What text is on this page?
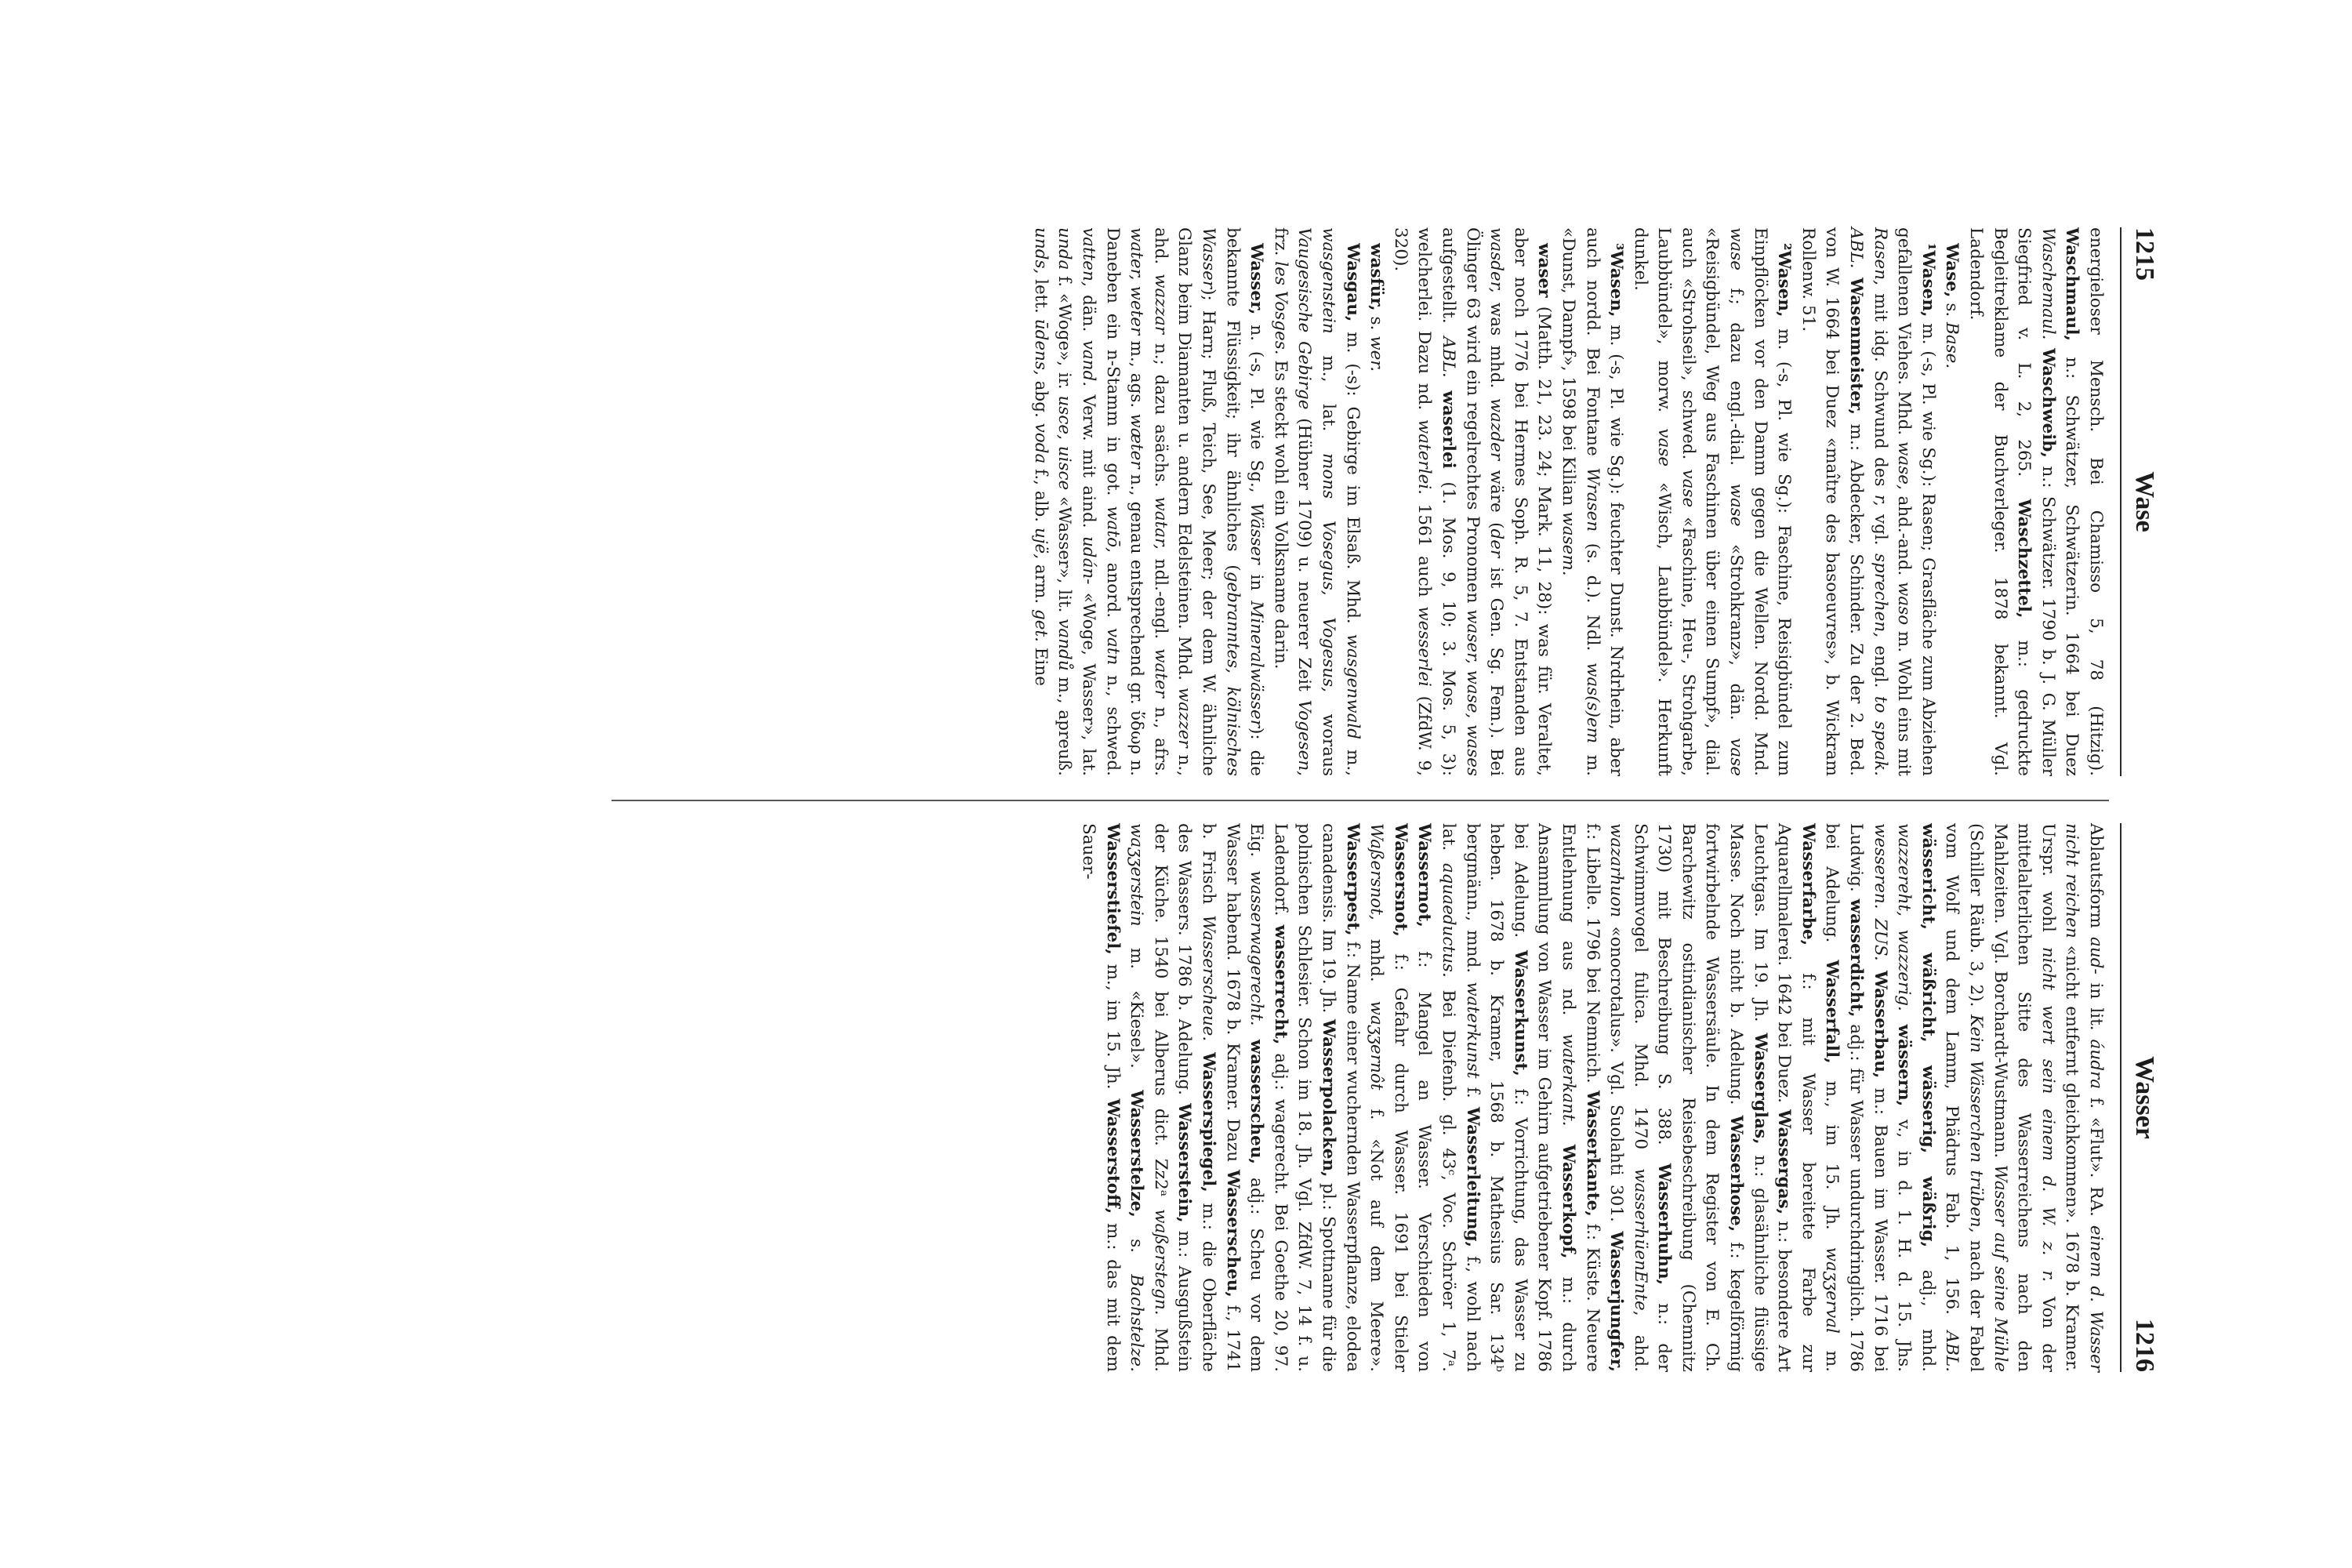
1215
Wase

energieloser Mensch. Bei Chamisso 5, 78 (Hitzig). Waschmaul, n.: Schwätzer, Schwätzerin. 1664 bei Duez Waschemaul. Waschweib, n.: Schwätzer. 1790 b. J. G. Müller Siegfried v. L. 2, 265. Waschzettel, m.: gedruckte Begleitreklame der Buchverleger. 1878 bekannt. Vgl. Ladendorf.

Wase, s. Base.

¹Wasen, m. (-s, Pl. wie Sg.): Rasen; Grasfläche zum Abziehen gefallenen Viehes. Mhd. wase, ahd.-and. waso m. Wohl eins mit Rasen, mit idg. Schwund des r, vgl. sprechen, engl. to speak. ABL. Wasenmeister, m.: Abdecker, Schinder. Zu der 2. Bed. von W. 1664 bei Duez «maître des basoeuvres», b. Wickram Rollenw. 51.

²Wasen, m. (-s, Pl. wie Sg.): Faschine, Reisigbündel zum Einpflöcken vor den Damm gegen die Wellen. Nordd. Mnd. wase f.; dazu engl.-dial. wase «Strohkranz», dän. vase «Reisigbündel, Weg aus Faschinen über einen Sumpf», dial. auch «Strohseil», schwed. vase «Faschine, Heu-, Strohgarbe, Laubbündel», morw. vase «Wisch, Laubbündel». Herkunft dunkel.

³Wasen, m. (-s, Pl. wie Sg.): feuchter Dunst. Nrdrhein, aber auch nordd. Bei Fontane Wrasen (s. d.). Ndl. was(s)em m. «Dunst, Dampf», 1598 bei Kilian wasem.

waser (Matth. 21, 23. 24; Mark. 11, 28): was für. Veraltet, aber noch 1776 bei Hermes Soph. R. 5, 7. Entstanden aus wasder, was mhd. wazder wäre (der ist Gen. Sg. Fem.). Bei Ölinger 63 wird ein regelrechtes Pronomen waser, wase, wases aufgestellt. ABL. waserlei (1. Mos. 9, 10; 3. Mos. 5, 3): welcherlei. Dazu nd. waterlei. 1561 auch wesserlei (ZfdW. 9, 320).

wasfür, s. wer.

Wasgau, m. (-s): Gebirge im Elsaß. Mhd. wasgenwald m., wasgenstein m., lat. mons Vosegus, Vogesus, woraus Vaugesische Gebirge (Hübner 1709) u. neuerer Zeit Vogesen, frz. les Vosges. Es steckt wohl ein Volksname darin.

Wasser, n. (-s, Pl. wie Sg., Wässer in Mineralwässer): die bekannte Flüssigkeit; ihr ähnliches (gebranntes, kölnisches Wasser); Harn; Fluß, Teich, See, Meer; der dem W. ähnliche Glanz beim Diamanten u. andern Edelsteinen. Mhd. wazzer n., ahd. wazzar n.; dazu asächs. watar, ndl.-engl. water n., afrs. water, weter m., ags. wæter n., genau entsprechend gr. ὕδωρ n. Daneben ein n-Stamm in got. watō, anord. vatn n., schwed. vatten, dän. vand. Verw. mit aind. udán- «Woge, Wasser», lat. unda f. «Woge», ir. usce, uisce «Wasser», lit. vandů m., apreuß. unds, lett. ūdens, abg. voda f., alb. ujë, arm. get. Eine

Wasser
1216

Ablautsform aud- in lit. áudra f. «Flut». RA. einem d. Wasser nicht reichen «nicht entfernt gleichkommen». 1678 b. Kramer. Urspr. wohl nicht wert sein einem d. W. z. r. Von der mittelalterlichen Sitte des Wasserreichens nach den Mahlzeiten. Vgl. Borchardt-Wustmann. Wasser auf seine Mühle (Schiller Räub. 3, 2). Kein Wässerchen trüben, nach der Fabel vom Wolf und dem Lamm, Phädrus Fab. 1, 156. ABL. wässericht, wäßricht, wässerig, wäßrig, adj., mhd. wazzereht, wazzerig. wässern, v., in d. 1. H. d. 15. Jhs. wesseren. ZUS. Wasserbau, m.: Bauen im Wasser. 1716 bei Ludwig. wasserdicht, adj.: für Wasser undurchdringlich. 1786 bei Adelung. Wasserfall, m., im 15. Jh. waʒʒerval m. Wasserfarbe, f.: mit Wasser bereitete Farbe zur Aquarellmalerei. 1642 bei Duez. Wassergas, n.: besondere Art Leuchtgas. Im 19. Jh. Wasserglas, n.: glasähnliche flüssige Masse. Noch nicht b. Adelung. Wasserhose, f.: kegelförmig fortwirbelnde Wassersäule. In dem Register von E. Ch. Barchewitz ostindianischer Reisebeschreibung (Chemnitz 1730) mit Beschreibung S. 388. Wasserhuhn, n.: der Schwimmvogel fulica. Mhd. 1470 wasserhüenEnte, ahd. wazarhuon «onocrotalus». Vgl. Suolahti 301. Wasserjungfer, f.: Libelle. 1796 bei Nemnich. Wasserkante, f.: Küste. Neuere Entlehnung aus nd. waterkant. Wasserkopf, m.: durch Ansammlung von Wasser im Gehirn aufgetriebener Kopf. 1786 bei Adelung. Wasserkunst, f.: Vorrichtung, das Wasser zu heben. 1678 b. Kramer, 1568 b. Mathesius Sar. 134ᵇ bergmänn., mnd. waterkunst f. Wasserleitung, f., wohl nach lat. aquaeductus. Bei Diefenb. gl. 43ᶜ, Voc. Schröer 1, 7ᵃ. Wassernot, f.: Mangel an Wasser. Verschieden von Wassersnot, f.: Gefahr durch Wasser. 1691 bei Stieler Waßersnot, mhd. waʒʒernôt f. «Not auf dem Meere». Wasserpest, f.: Name einer wuchernden Wasserpflanze, elodea canadensis. Im 19. Jh. Wasserpolacken, pl.: Spottname für die polnischen Schlesier. Schon im 18. Jh. Vgl. ZfdW. 7, 14 f. u. Ladendorf. wasserrecht, adj.: wagerecht. Bei Goethe 20, 97. Eig. wasserwagerecht. wasserscheu, adj.: Scheu vor dem Wasser habend. 1678 b. Kramer. Dazu Wasserscheu, f., 1741 b. Frisch Wasserscheue. Wasserspiegel, m.: die Oberfläche des Wassers. 1786 b. Adelung. Wasserstein, m.: Ausgußstein der Küche. 1540 bei Alberus dict. Zz2ᵃ waßerstegn. Mhd. waʒʒerstein m. «Kiesel». Wasserstelze, s. Bachstelze. Wasserstiefel, m., im 15. Jh. Wasserstoff, m.: das mit dem Sauer-
